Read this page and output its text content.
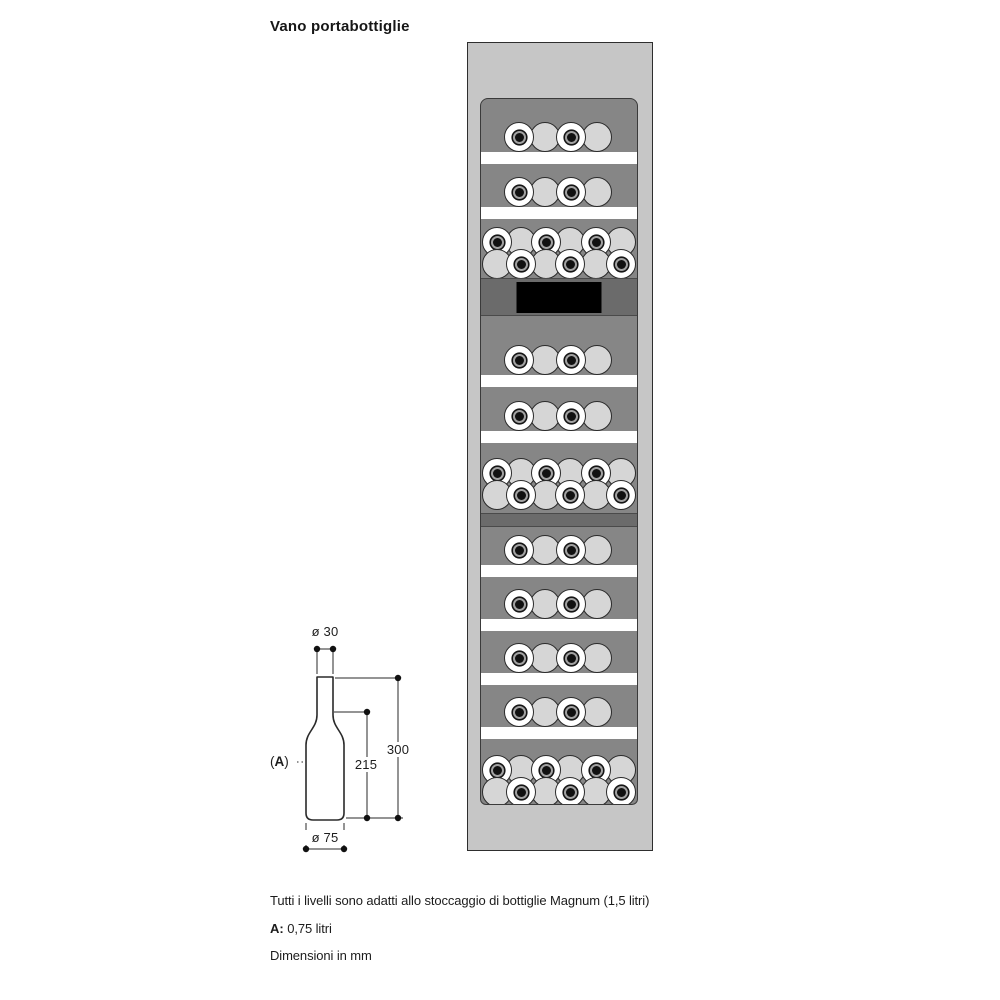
Vano portabottiglie
ø 30
300
215
ø 75
(A)
Tutti i livelli sono adatti allo stoccaggio di bottiglie Magnum (1,5 litri)
A: 0,75 litri
Dimensioni in mm
